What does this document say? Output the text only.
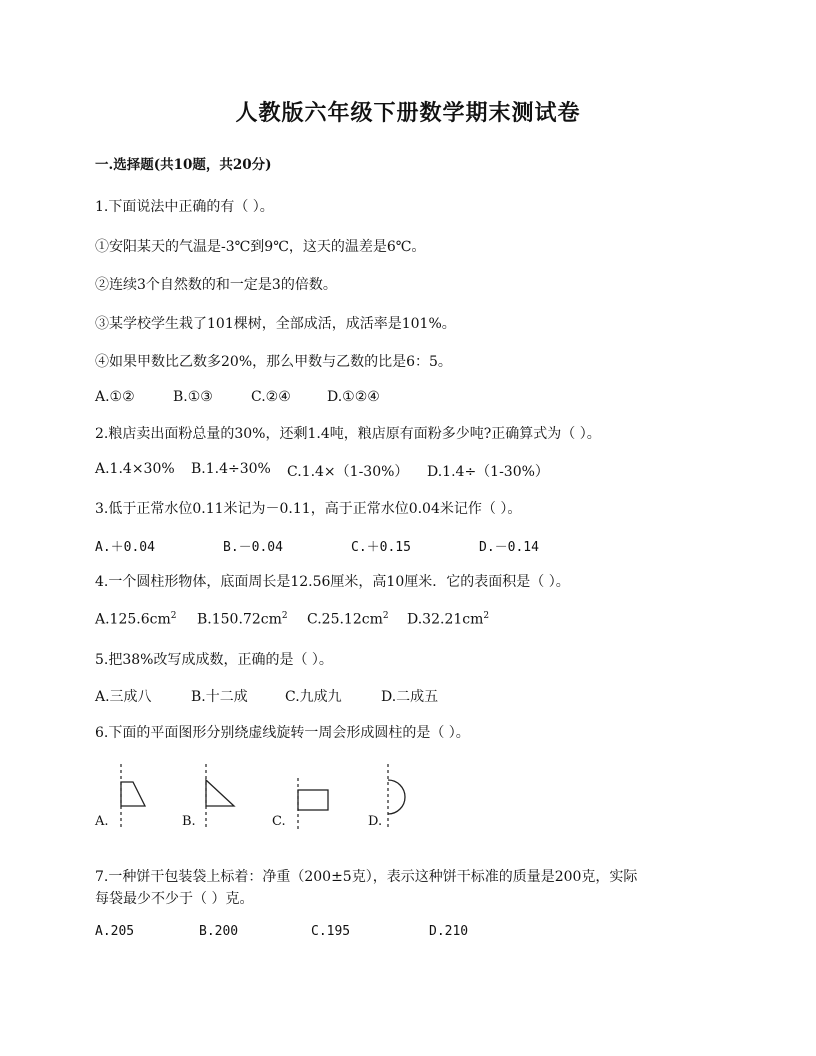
人教版六年级下册数学期末测试卷
一.选择题(共10题，共20分)
1.下面说法中正确的有（ ）。
①安阳某天的气温是-3℃到9℃，这天的温差是6℃。
②连续3个自然数的和一定是3的倍数。
③某学校学生栽了101棵树，全部成活，成活率是101%。
④如果甲数比乙数多20%，那么甲数与乙数的比是6：5。
A.①②	B.①③	C.②④	D.①②④
2.粮店卖出面粉总量的30%，还剩1.4吨，粮店原有面粉多少吨?正确算式为（ ）。
A.1.4×30% B.1.4÷30% C.1.4×（1-30%） D.1.4÷（1-30%）
3.低于正常水位0.11米记为－0.11，高于正常水位0.04米记作（ ）。
A.＋0.04	B.－0.04	C.＋0.15	D.－0.14
4.一个圆柱形物体，底面周长是12.56厘米，高10厘米．它的表面积是（ ）。
$A.125.6cm^2$ $B.150.72cm^2$ $C.25.12cm^2$ $D.32.21cm^2$
5.把38%改写成成数，正确的是（ ）。
A.三成八	B.十二成	C.九成九	D.二成五
6.下面的平面图形分别绕虚线旋转一周会形成圆柱的是（ ）。
A.	B.	C.	D.
7.一种饼干包装袋上标着：净重（200±5克），表示这种饼干标准的质量是200克，实际
每袋最少不少于（ ）克。
A.205	B.200	C.195	D.210
